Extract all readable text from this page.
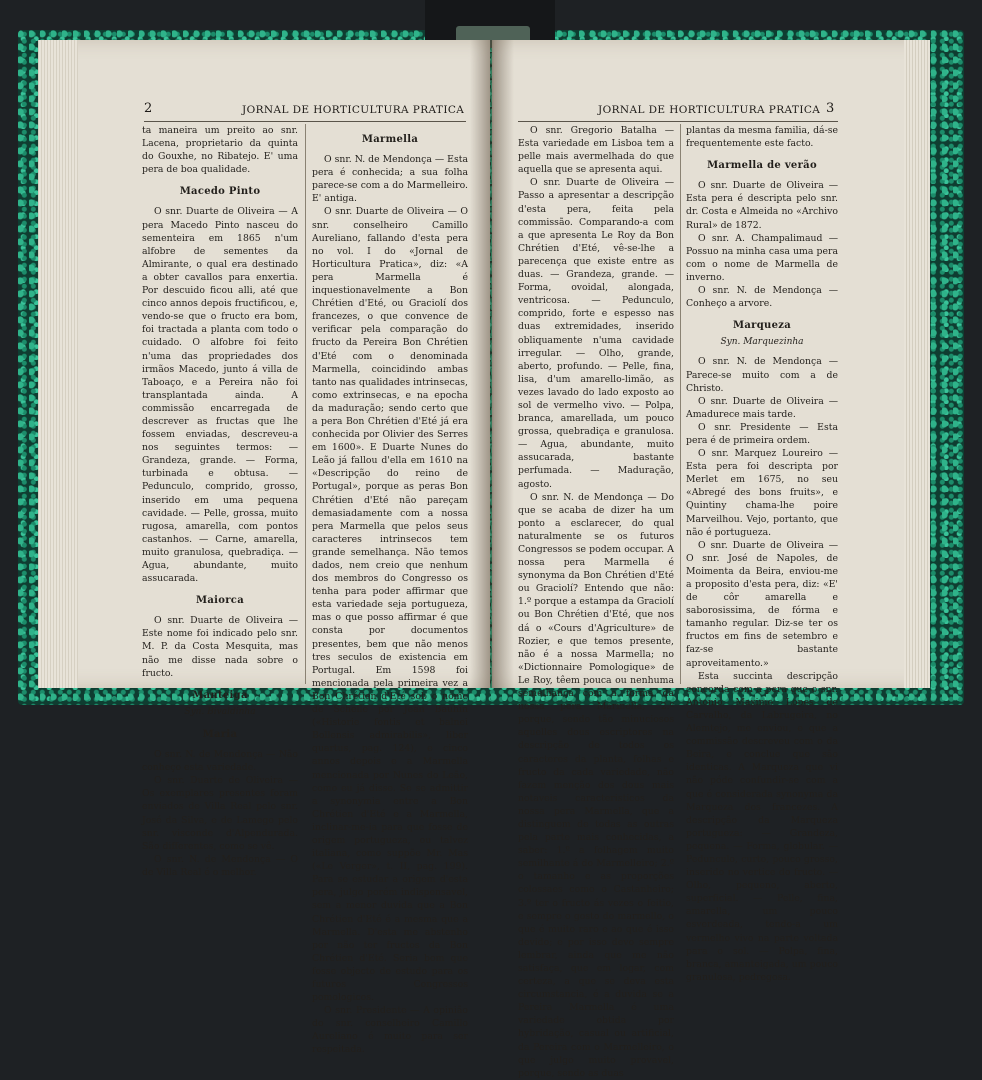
2	JORNAL DE HORTICULTURA PRATICA

ta maneira um preito ao snr. Lacena, proprietario da quinta do Gouxhe, no Ribatejo. E' uma pera de boa qualidade.

Macedo Pinto

O snr. Duarte de Oliveira — A pera Macedo Pinto nasceu do sementeira em 1865 n'um alfobre de sementes da Almirante, o qual era destinado a obter cavallos para enxertia. Por descuido ficou alli, até que cinco annos depois fructificou, e, vendo-se que o fructo era bom, foi tractada a planta com todo o cuidado. O alfobre foi feito n'uma das propriedades dos irmãos Macedo, junto á villa de Taboaço, e a Pereira não foi transplantada ainda. A commissão encarregada de descrever as fructas que lhe fossem enviadas, descreveu-a nos seguintes termos: — Grandeza, grande. — Forma, turbinada e obtusa. — Pedunculo, comprido, grosso, inserido em uma pequena cavidade. — Pelle, grossa, muito rugosa, amarella, com pontos castanhos. — Carne, amarella, muito granulosa, quebradiça. — Agua, abundante, muito assucarada.

Maiorca

O snr. Duarte de Oliveira — Este nome foi indicado pelo snr. M. P. da Costa Mesquita, mas não me disse nada sobre o fructo.

Manteiga
Syn. Bivaldinha
Maria

O snr. N. de Mendonça — Não conheço esta variedade.

O snr. Duarte de Oliveira — Os exemplares presentes foram enviados de Villa Real pelo snr. José da Silva, e de Lamego pelo snr. visconde d'Alpendurada. São differentes, como se vê.

O snr. N. de Mendonça — O de Villa Real é o melhor.

Marmella

O snr. N. de Mendonça — Esta pera é conhecida; a sua folha parece-se com a do Marmelleiro. E' antiga.

O snr. Duarte de Oliveira — O snr. conselheiro Camillo Aureliano, fallando d'esta pera no vol. I do «Jornal de Horticultura Pratica», diz: «A pera Marmella é inquestionavelmente a Bon Chrétien d'Eté, ou Graciolí dos francezes, o que convence de verificar pela comparação do fructo da Pereira Bon Chrétien d'Eté com o denominada Marmella, coincidindo ambas tanto nas qualidades intrinsecas, como extrinsecas, e na epocha da maduração; sendo certo que a pera Bon Chrétien d'Eté já era conhecida por Olivier des Serres em 1600». E Duarte Nunes do Leão já fallou d'ella em 1610 na «Descripção do reino de Portugal», porque as peras Bon Chrétien d'Eté não pareçam demasiadamente com a nossa pera Marmella que pelos seus caracteres intrinsecos tem grande semelhança. Não temos dados, nem creio que nenhum dos membros do Congresso os tenha para poder affirmar que esta variedade seja portugueza, mas o que posso affirmar é que consta por documentos presentes, bem que não menos tres seculos de existencia em Portugal. Em 1598 foi mencionada pela primeira vez a Bon Chrétien d'Eté sob o nome de Schelle por Jean Bauhin («Historie fontis et balnei Bollensis admirabilis», liber quartus, pag. 124), e cinco annos depois e a Marmella mencionada por Nunes do Leão, como eu já disse. Se se admittir a synonymia entre a Bon Chrétien d'Eté e a Marmella, inclinar-me-ia para que fosse de origem portugueza, ou talvez italiana, como suppõe Mr. Mas («Le Verger», t. II, pag. 199). Para se estudar a origem d'esta pera, julgo porém indispensavel, sem a menor duvida que a Bon Chrétien d'Eté é a mesma que a Marmella. D'esta me abstenho por não ter fructos da Bon Chrétien d'Eté. Seria bom que fosse objecto de estudo para os futuros Congressos pomologicos.

O snr. Presidente — A opinião do snr. conselheiro Camillo Aureliano é muito para ser respeitada.

JORNAL DE HORTICULTURA PRATICA 3

O snr. Gregorio Batalha — Esta variedade em Lisboa tem a pelle mais avermelhada do que aquella que se apresenta aqui.

O snr. Duarte de Oliveira — Passo a apresentar a descripção d'esta pera, feita pela commissão. Comparando-a com a que apresenta Le Roy da Bon Chrétien d'Eté, vê-se-lhe a parecença que existe entre as duas. — Grandeza, grande. — Forma, ovoidal, alongada, ventricosa. — Pedunculo, comprido, forte e espesso nas duas extremidades, inserido obliquamente n'uma cavidade irregular. — Olho, grande, aberto, profundo. — Pelle, fina, lisa, d'um amarello-limão, as vezes lavado do lado exposto ao sol de vermelho vivo. — Polpa, branca, amarellada, um pouco grossa, quebradiça e granulosa. — Agua, abundante, muito assucarada, bastante perfumada. — Maduração, agosto.

O snr. N. de Mendonça — Do que se acaba de dizer ha um ponto a esclarecer, do qual naturalmente se os futuros Congressos se podem occupar. A nossa pera Marmella é synonyma da Bon Chrétien d'Eté ou Graciolí? Entendo que não: 1.º porque a estampa da Graciolí ou Bon Chrétien d'Eté, que nos dá o «Cours d'Agriculture» de Rozier, e que temos presente, não é a nossa Marmella; no «Dictionnaire Pomologique» de Le Roy, têem pouca ou nenhuma semelhança com a forma da nossa pera Marmella; 2.º porque, sendo tão minuciosos aquelles dous escriptores na descripção de todos os caracteres da planta, folhas e fructo da cada variedade, não fazem menção dos dous mais notaveis caracteristicos da nossa pera Marmella, que a distinguem de todas as outras pela parte mais conhecidas, a saber: 1.º a folhagem muito semilhante á do Marmelleiro; 2.º o tamanho e as proporções colossaes como o Castanheiro; 3.º ter o fructo ás vezes o feitio, e sempre o gosto do marmello, o que é muito raro e ao que é isso devido; e por isso devo sempre lembrar, ainda que me não satisfaça, que em logar, com certeza, a que se deva esta circumstancia, é a duvida se a Pereira Marmella é uma variedade obtida por hybridação, casual ou artificial, da Pereira com o Marmelleiro, o que julgo muito provavel, porque, sendo as duas

plantas da mesma familia, dá-se frequentemente este facto.

Marmella de verão

O snr. Duarte de Oliveira — Esta pera é descripta pelo snr. dr. Costa e Almeida no «Archivo Rural» de 1872.

O snr. A. Champalimaud — Possuo na minha casa uma pera com o nome de Marmella de inverno.

O snr. N. de Mendonça — Conheço a arvore.

Marqueza
Syn. Marquezinha

O snr. N. de Mendonça — Parece-se muito com a de Christo.

O snr. Duarte de Oliveira — Amadurece mais tarde.

O snr. Presidente — Esta pera é de primeira ordem.

O snr. Marquez Loureiro — Esta pera foi descripta por Merlet em 1675, no seu «Abregé des bons fruits», e Quintiny chama-lhe poire Marveilhou. Vejo, portanto, que não é portugueza.

O snr. Duarte de Oliveira — O snr. José de Napoles, de Moimenta da Beira, enviou-me a proposito d'esta pera, diz: «E' de côr amarella e saborosissima, de fórma e tamanho regular. Diz-se ter os fructos em fins de setembro e faz-se bastante aproveitamento.»

Esta succinta descripção concorda com a pera que o snr. Antonio Maximo Lopes de Carvalho, da Labrugeira, no Alemtejo, me enviou, e que a commissão descreveu com o da Beira, e conclue que são identicas. A Marqueza que vi não póde confundir-se com a que é considerada synonyma da Marqueza dos francezes. A descripção da Marqueza portugueza: — Grandeza, pequena. — Forma, globular. — Pedunculo, curto, pouco grosso, inserido no vertice do fructo. — Olho, pequeno, aberto, superficial. — Pelle, fina, amarella, um pouco esverdeada, tendo-a um vermelho vivo na parte voltada para o sol. — Polpa, fina, branca, amanteigada, um pouco granulosa, pedregosa.
